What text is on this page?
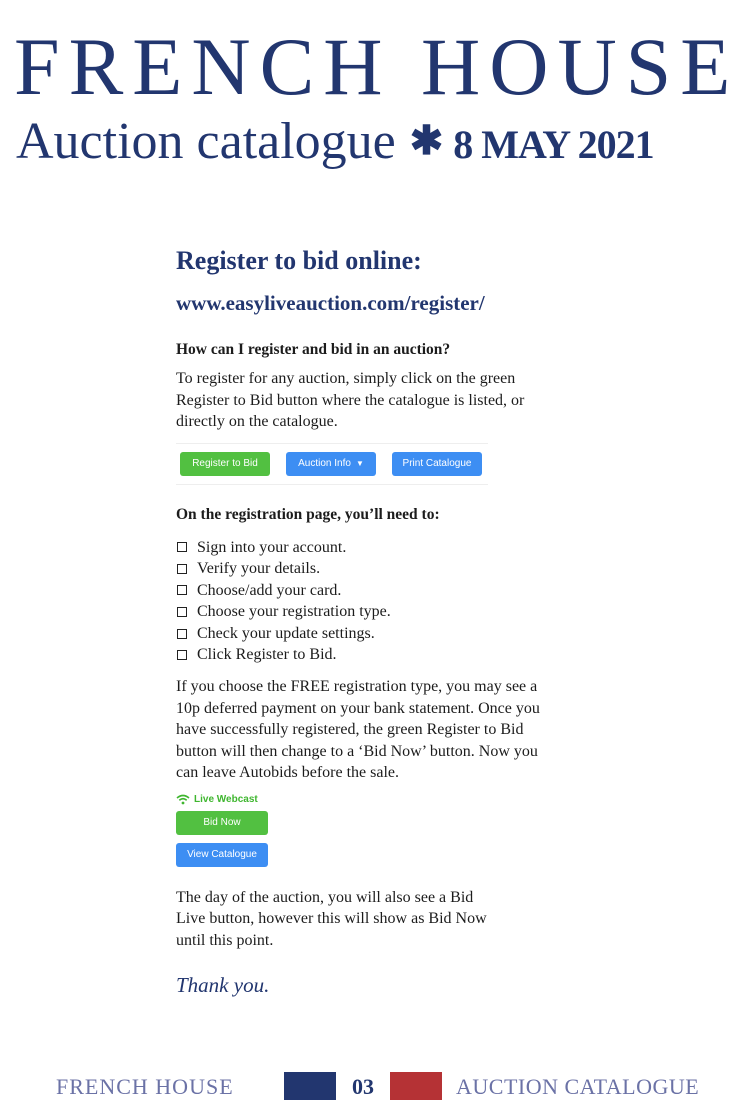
FRENCH HOUSE
Auction catalogue ✱ 8 MAY 2021
Register to bid online:
www.easyliveauction.com/register/
How can I register and bid in an auction?
To register for any auction, simply click on the green Register to Bid button where the catalogue is listed, or directly on the catalogue.
Register to Bid	Auction Info ▼	Print Catalogue
On the registration page, you’ll need to:
Sign into your account.
Verify your details.
Choose/add your card.
Choose your registration type.
Check your update settings.
Click Register to Bid.
If you choose the FREE registration type, you may see a 10p deferred payment on your bank statement. Once you have successfully registered, the green Register to Bid button will then change to a ‘Bid Now’ button. Now you can leave Autobids before the sale.
Live Webcast
Bid Now
View Catalogue
The day of the auction, you will also see a Bid Live button, however this will show as Bid Now until this point.
Thank you.
FRENCH HOUSE	03	AUCTION CATALOGUE
